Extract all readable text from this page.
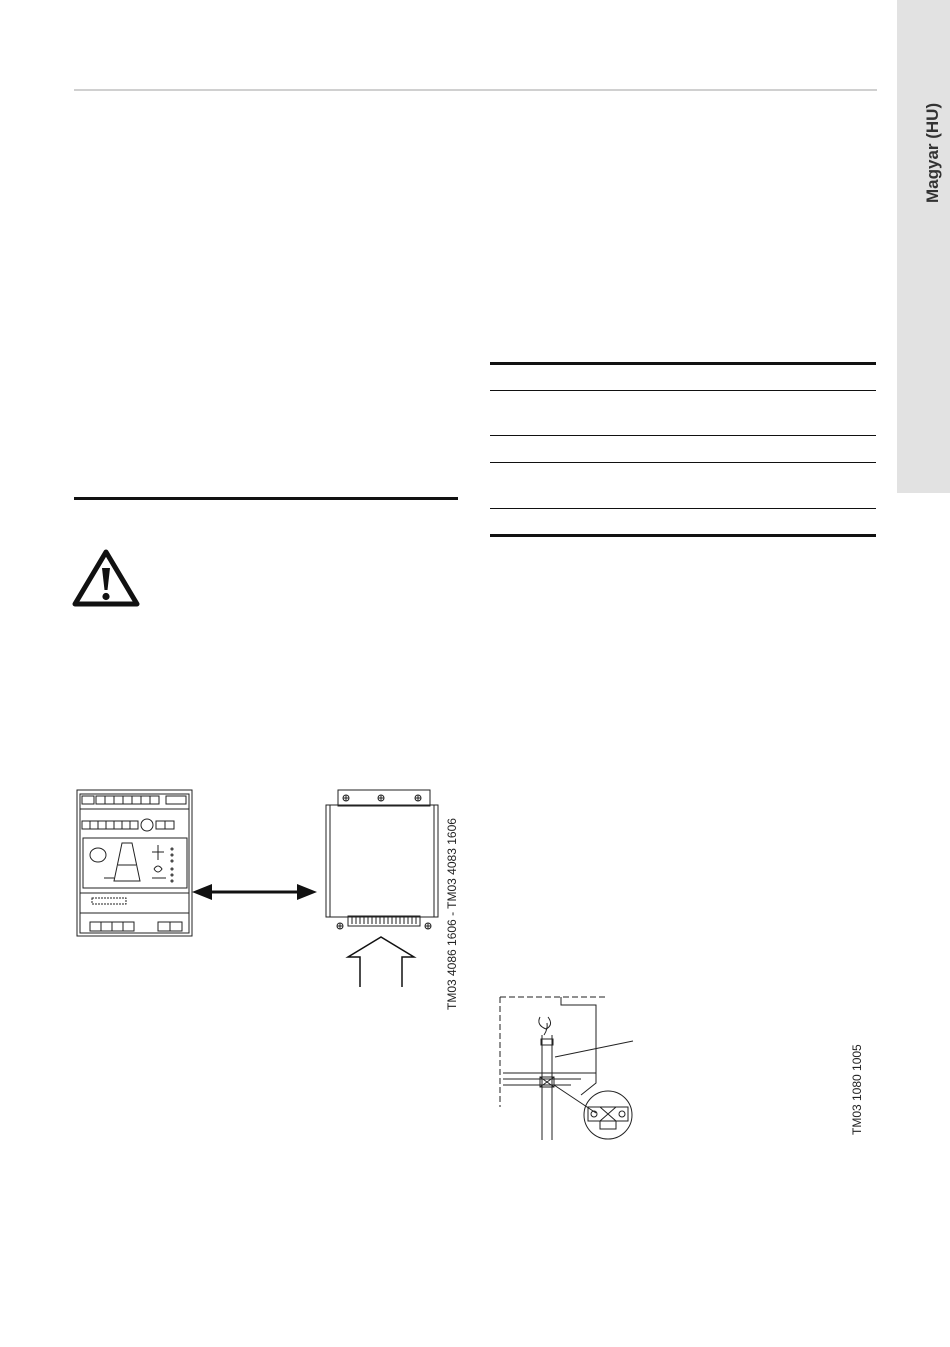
Magyar (HU)
TM03 4086 1606 - TM03 4083 1606
TM03 1080 1005
